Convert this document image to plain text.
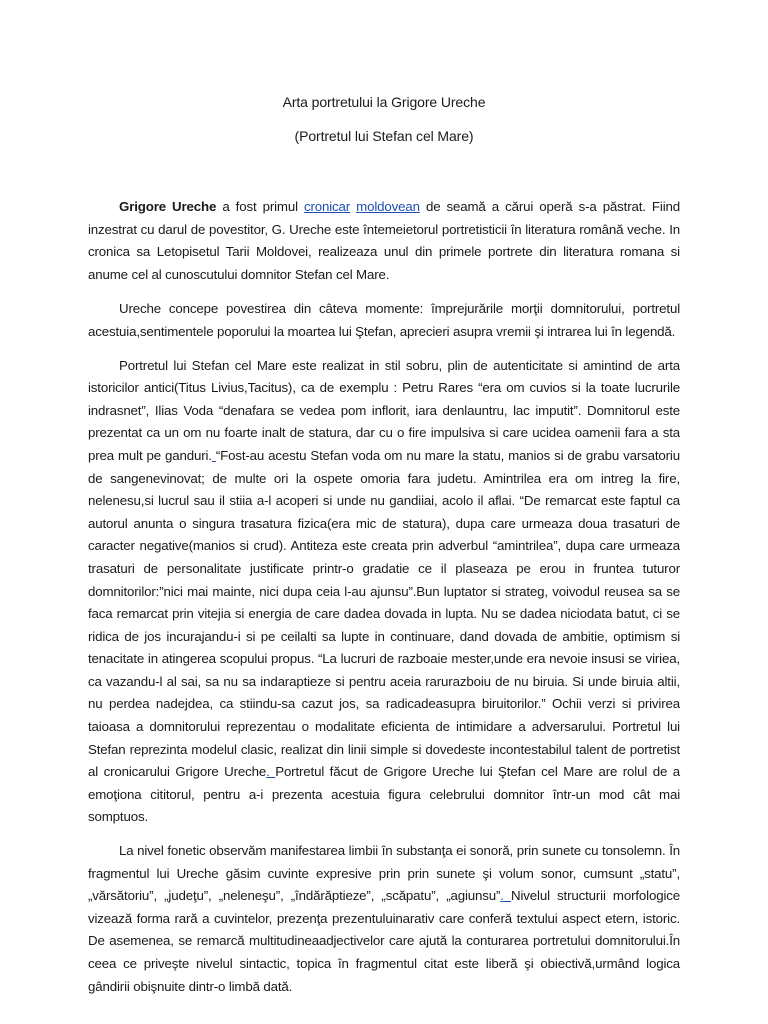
Arta portretului la Grigore Ureche
(Portretul lui Stefan cel Mare)

Grigore Ureche a fost primul cronicar moldovean de seamă a cărui operă s-a păstrat. Fiind inzestrat cu darul de povestitor, G. Ureche este întemeietorul portretisticii în literatura română veche. In cronica sa Letopisetul Tarii Moldovei, realizeaza unul din primele portrete din literatura romana si anume cel al cunoscutului domnitor Stefan cel Mare.

Ureche concepe povestirea din câteva momente: împrejurările morţii domnitorului, portretul acestuia,sentimentele poporului la moartea lui Ştefan, aprecieri asupra vremii şi intrarea lui în legendă.

Portretul lui Stefan cel Mare este realizat in stil sobru, plin de autenticitate si amintind de arta istoricilor antici(Titus Livius,Tacitus), ca de exemplu : Petru Rares “era om cuvios si la toate lucrurile indrasnet”, Ilias Voda “denafara se vedea pom inflorit, iara denlauntru, lac imputit”. Domnitorul este prezentat ca un om nu foarte inalt de statura, dar cu o fire impulsiva si care ucidea oamenii fara a sta prea mult pe ganduri. “Fost-au acestu Stefan voda om nu mare la statu, manios si de grabu varsatoriu de sangenevinovat; de multe ori la ospete omoria fara judetu. Amintrilea era om intreg la fire, nelenesu,si lucrul sau il stiia a-l acoperi si unde nu gandiiai, acolo il aflai. “De remarcat este faptul ca autorul anunta o singura trasatura fizica(era mic de statura), dupa care urmeaza doua trasaturi de caracter negative(manios si crud). Antiteza este creata prin adverbul “amintrilea”, dupa care urmeaza trasaturi de personalitate justificate printr-o gradatie ce il plaseaza pe erou in fruntea tuturor domnitorilor:”nici mai mainte, nici dupa ceia l-au ajunsu”.Bun luptator si strateg, voivodul reusea sa se faca remarcat prin vitejia si energia de care dadea dovada in lupta. Nu se dadea niciodata batut, ci se ridica de jos incurajandu-i si pe ceilalti sa lupte in continuare, dand dovada de ambitie, optimism si tenacitate in atingerea scopului propus. “La lucruri de razboaie mester,unde era nevoie insusi se viriea, ca vazandu-l al sai, sa nu sa indaraptieze si pentru aceia rarurazboiu de nu biruia. Si unde biruia altii, nu perdea nadejdea, ca stiindu-sa cazut jos, sa radicadeasupra biruitorilor.” Ochii verzi si privirea taioasa a domnitorului reprezentau o modalitate eficienta de intimidare a adversarului. Portretul lui Stefan reprezinta modelul clasic, realizat din linii simple si dovedeste incontestabilul talent de portretist al cronicarului Grigore Ureche. Portretul făcut de Grigore Ureche lui Ştefan cel Mare are rolul de a emoţiona cititorul, pentru a-i prezenta acestuia figura celebrului domnitor într-un mod cât mai somptuos.

La nivel fonetic observăm manifestarea limbii în substanţa ei sonoră, prin sunete cu tonsolemn. În fragmentul lui Ureche găsim cuvinte expresive prin prin sunete şi volum sonor, cumsunt „statu”, „vărsătoriu”, „judeţu”, „neleneşu”, „îndărăptieze”, „scăpatu”, „agiunsu”. Nivelul structurii morfologice vizează forma rară a cuvintelor, prezenţa prezentuluinarativ care conferă textului aspect etern, istoric. De asemenea, se remarcă multitudineaadjectivelor care ajută la conturarea portretului domnitorului.În ceea ce priveşte nivelul sintactic, topica în fragmentul citat este liberă şi obiectivă,urmând logica gândirii obişnuite dintr-o limbă dată.
